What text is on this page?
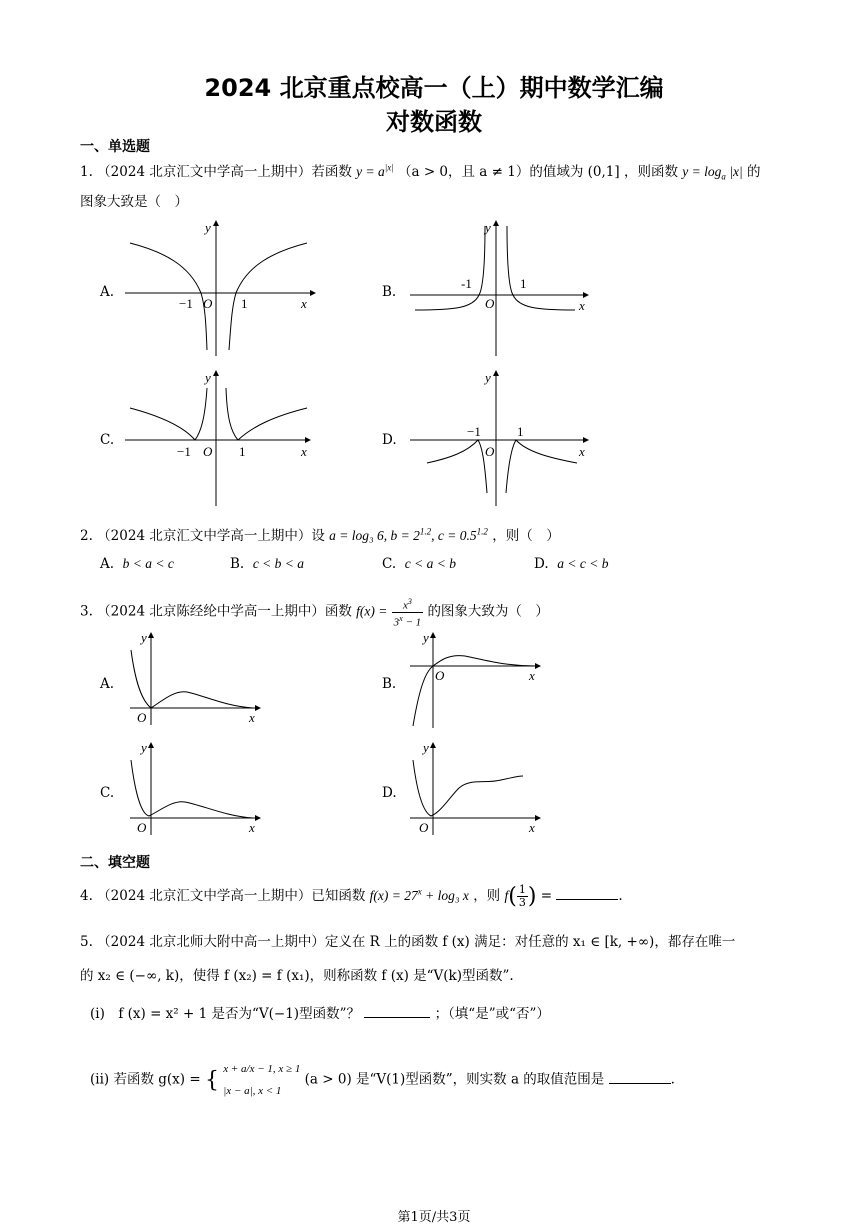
2024 北京重点校高一（上）期中数学汇编
对数函数
一、单选题
1. （2024 北京汇文中学高一上期中）若函数 $y = a^{|x|}$ （a > 0，且 a ≠ 1）的值域为 (0,1] ，则函数 $y = \log_a |x|$ 的
图象大致是（　）
A.	B.
C.	D.
y
x
O
−1	1
y
x
O
-1	1
y
x
O
−1	1
y
x
O
−1	1
2. （2024 北京汇文中学高一上期中）设 a = log₃ 6, $b = 2^{1.2}$, $c = 0.5^{1.2}$ ，则（　）
A. b < a < c	B. c < b < a	C. c < a < b	D. a < c < b
3. （2024 北京陈经纶中学高一上期中）函数 $f(x) = \frac{x^3}{3^x - 1}$ 的图象大致为（　）
A.	B.
C.	D.
y
x
O
y
x
O
y
x
O
y
x
O
二、填空题
4. （2024 北京汇文中学高一上期中）已知函数 $f(x) = 27^x + \log_3$ x ，则 $f( \frac{1}{3}$ ) =	.
5. （2024 北京北师大附中高一上期中）定义在 R 上的函数 f (x) 满足：对任意的 x₁ ∈ [k, +∞)，都存在唯一
的 x₂ ∈ (−∞, k)，使得 f (x₂) = f (x₁)，则称函数 f (x) 是“V(k)型函数”.
(i)　f (x) = x² + 1 是否为“V(−1)型函数”？	；（填“是”或“否”）
(ii) 若函数 g(x) = { x + a/x − 1, x ≥ 1
|x − a|, x < 1
(a > 0) 是“V(1)型函数”，则实数 a 的取值范围是	.
第1页/共3页
